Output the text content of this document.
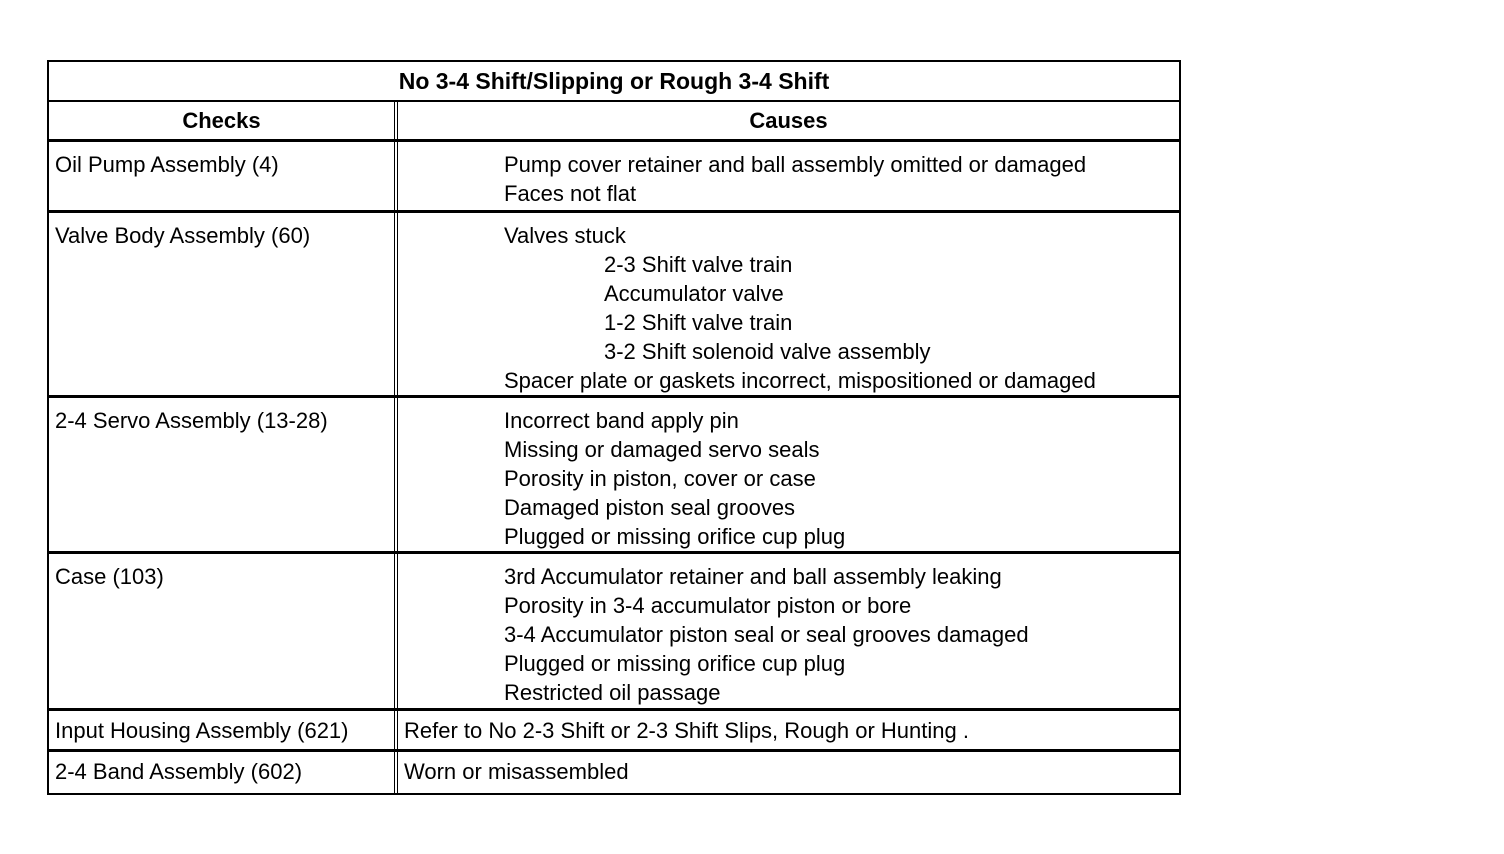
No 3-4 Shift/Slipping or Rough 3-4 Shift
Checks	Causes
Oil Pump Assembly (4)	Pump cover retainer and ball assembly omitted or damaged
Faces not flat
Valve Body Assembly (60)	Valves stuck
2-3 Shift valve train
Accumulator valve
1-2 Shift valve train
3-2 Shift solenoid valve assembly
Spacer plate or gaskets incorrect, mispositioned or damaged
2-4 Servo Assembly (13-28)	Incorrect band apply pin
Missing or damaged servo seals
Porosity in piston, cover or case
Damaged piston seal grooves
Plugged or missing orifice cup plug
Case (103)	3rd Accumulator retainer and ball assembly leaking
Porosity in 3-4 accumulator piston or bore
3-4 Accumulator piston seal or seal grooves damaged
Plugged or missing orifice cup plug
Restricted oil passage
Input Housing Assembly (621)	Refer to No 2-3 Shift or 2-3 Shift Slips, Rough or Hunting .
2-4 Band Assembly (602)	Worn or misassembled
